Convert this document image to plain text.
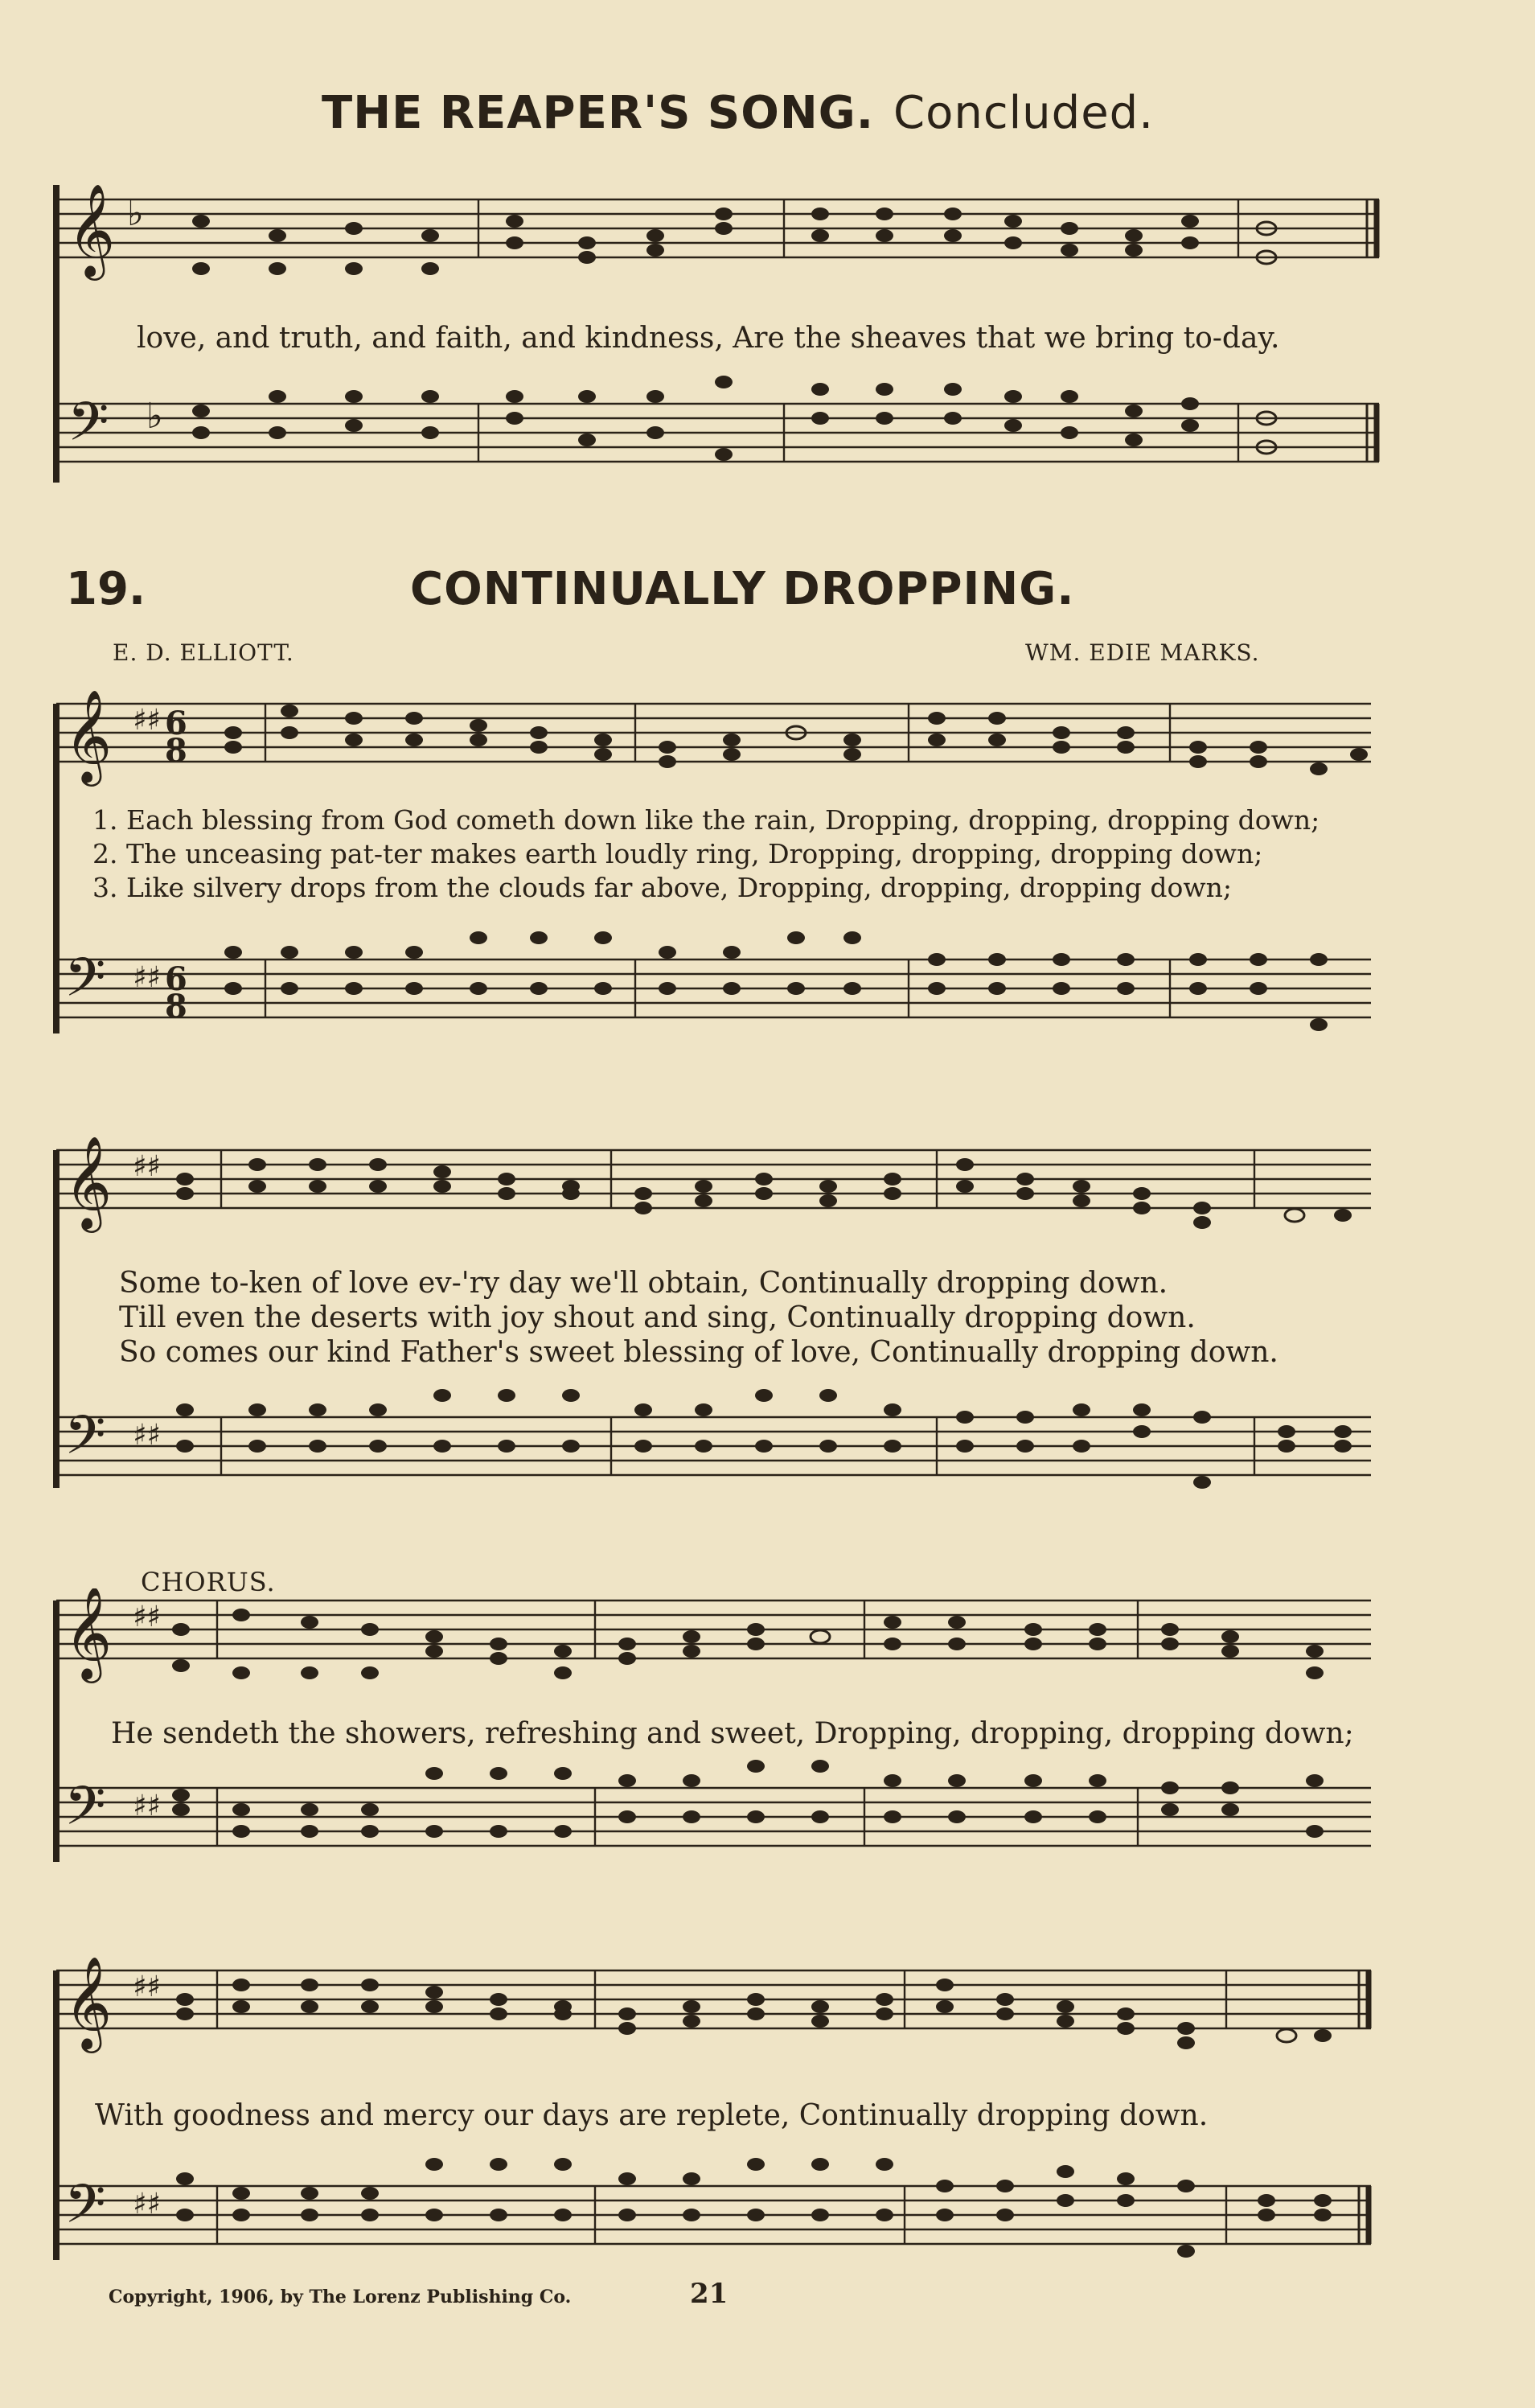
THE REAPER'S SONG. Concluded.
𝄞
𝄢
♭
♭
love, and truth, and faith, and kindness, Are the sheaves that we bring to-day.
19.	CONTINUALLY DROPPING.
E. D. ELLIOTT.	WM. EDIE MARKS.
𝄞
𝄢
♯♯
♯♯
6
8
6
8
1. Each blessing from God cometh down like the rain, Dropping, dropping, dropping down;
2. The unceasing pat-ter makes earth loudly ring, Dropping, dropping, dropping down;
3. Like silvery drops from the clouds far above, Dropping, dropping, dropping down;
𝄞
𝄢
♯♯
♯♯
Some to-ken of love ev-'ry day we'll obtain, Continually dropping down.
Till even the deserts with joy shout and sing, Continually dropping down.
So comes our kind Father's sweet blessing of love, Continually dropping down.
CHORUS.
𝄞
𝄢
♯♯
♯♯
He sendeth the showers, refreshing and sweet, Dropping, dropping, dropping down;
𝄞
𝄢
♯♯
♯♯
With goodness and mercy our days are replete, Continually dropping down.
Copyright, 1906, by The Lorenz Publishing Co.	21
